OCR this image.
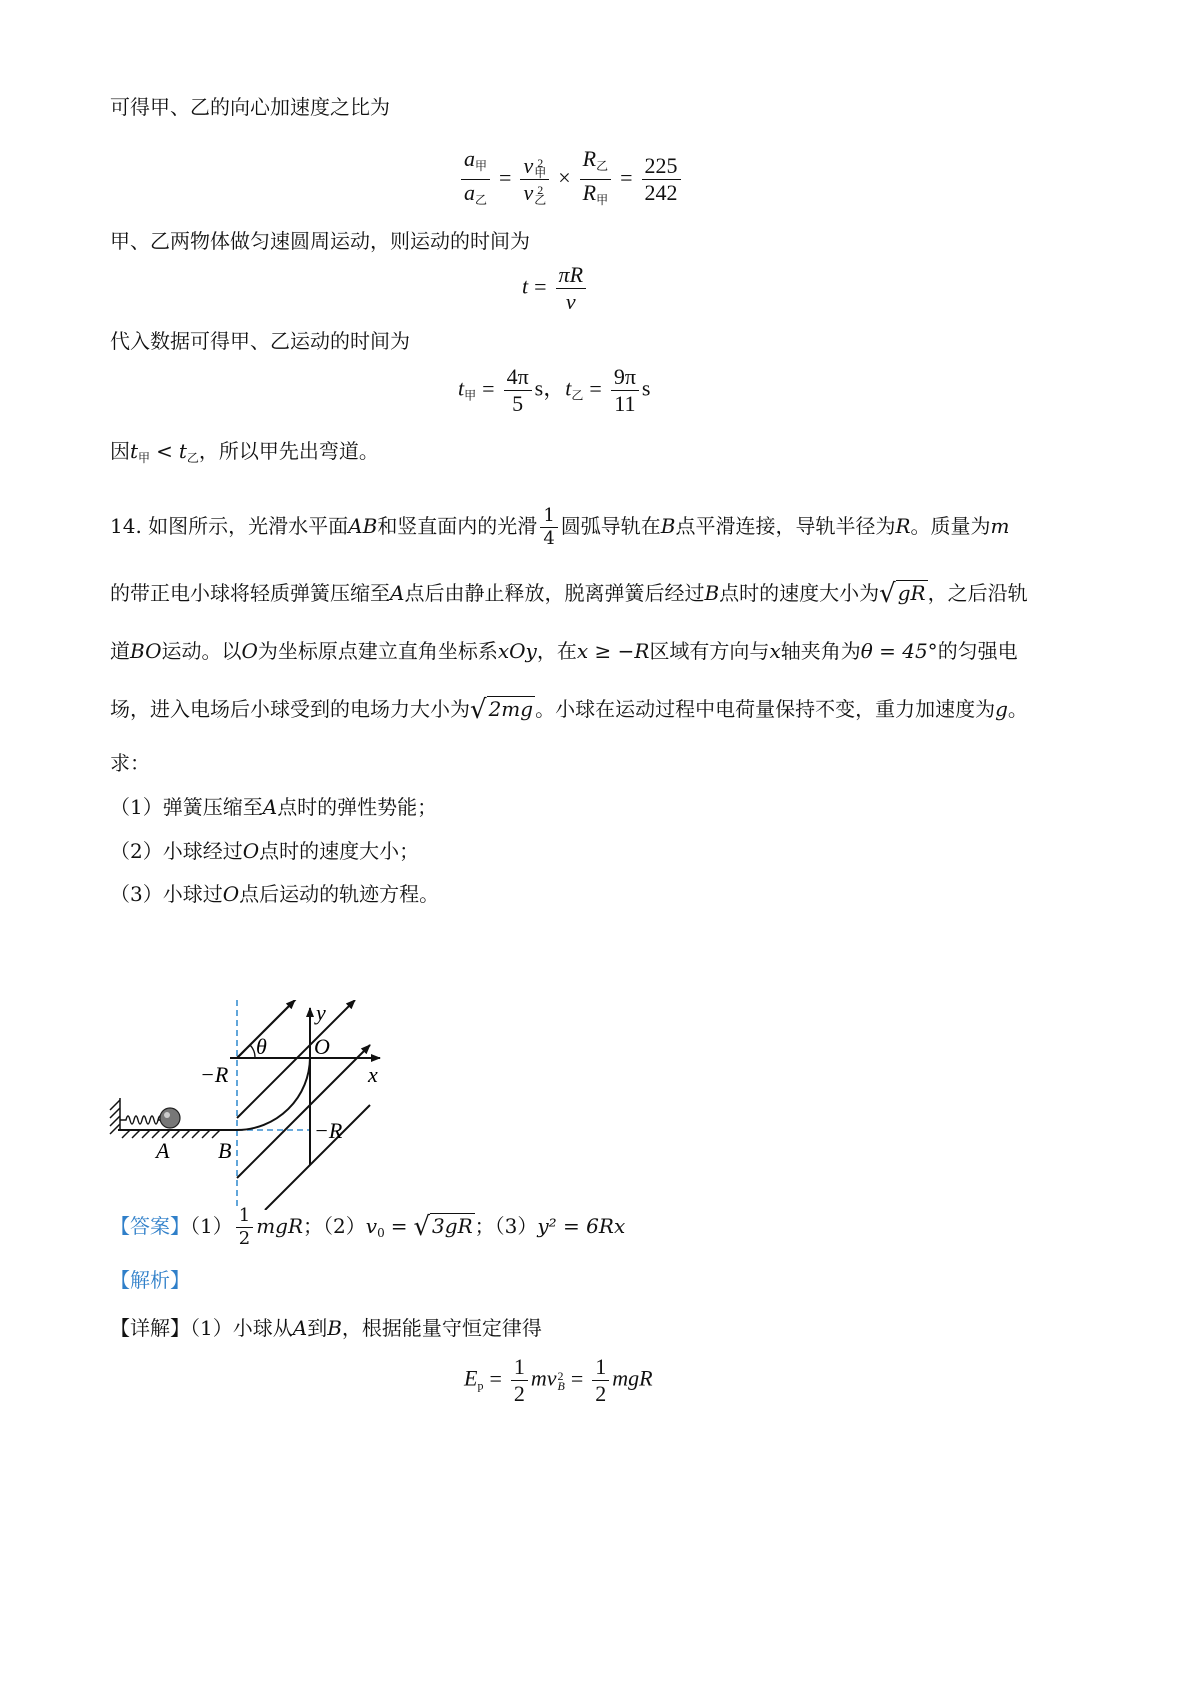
可得甲、乙的向心加速度之比为
$\frac{a_甲}{a_乙} = v$ 2
甲
v 2
乙 × $\frac{R_乙}{R_甲} = \frac{225}{242}$
甲、乙两物体做匀速圆周运动，则运动的时间为
$t = \frac{\pi R}{v}$
代入数据可得甲、乙运动的时间为
$t_甲 = \frac{4\pi}{5}$ s，$t_乙 = \frac{9\pi}{11}$ s
因$t_甲 < t_乙$，所以甲先出弯道。
14. 如图所示，光滑水平面AB和竖直面内的光滑 $\frac{1}{4}$ 圆弧导轨在B点平滑连接，导轨半径为R。质量为m
的带正电小球将轻质弹簧压缩至A点后由静止释放，脱离弹簧后经过B点时的速度大小为√ gR ，之后沿轨
道BO运动。以O为坐标原点建立直角坐标系xOy，在x ≥ −R区域有方向与x轴夹角为θ = 45°的匀强电
场，进入电场后小球受到的电场力大小为√ 2mg 。小球在运动过程中电荷量保持不变，重力加速度为g。
求：
（1）弹簧压缩至A点时的弹性势能；
（2）小球经过O点时的速度大小；
（3）小球过O点后运动的轨迹方程。
y
x
θ O
−R
−R
A B
【答案】$(1) \frac{1}{2}$ mgR；$(2)v_0$ = √ 3gR ；（3）y² = 6Rx
【解析】
【详解】（1）小球从A到B，根据能量守恒定律得
$E_p = \frac{1}{2}$ mv 2
$B = \frac{1}{2}$ mgR
